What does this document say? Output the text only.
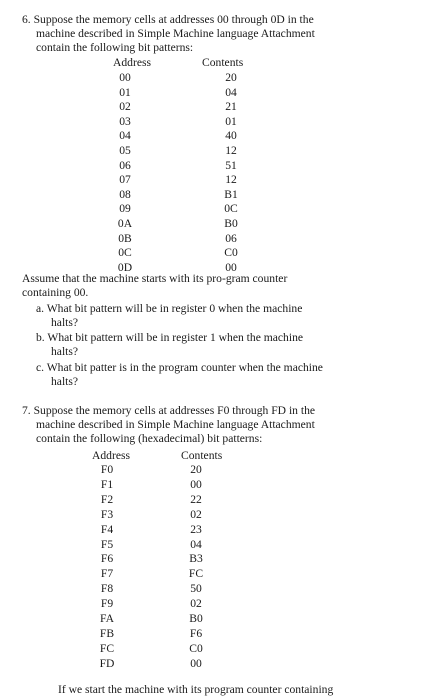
6. Suppose the memory cells at addresses 00 through 0D in the
machine described in Simple Machine language Attachment
contain the following bit patterns:
Address	Contents
00	20
01	04
02	21
03	01
04	40
05	12
06	51
07	12
08	B1
09	0C
0A	B0
0B	06
0C	C0
0D	00
Assume that the machine starts with its pro-gram counter
containing 00.
a. What bit pattern will be in register 0 when the machine
halts?
b. What bit pattern will be in register 1 when the machine
halts?
c. What bit patter is in the program counter when the machine
halts?
7. Suppose the memory cells at addresses F0 through FD in the
machine described in Simple Machine language Attachment
contain the following (hexadecimal) bit patterns:
Address	Contents
F0	20
F1	00
F2	22
F3	02
F4	23
F5	04
F6	B3
F7	FC
F8	50
F9	02
FA	B0
FB	F6
FC	C0
FD	00
If we start the machine with its program counter containing
